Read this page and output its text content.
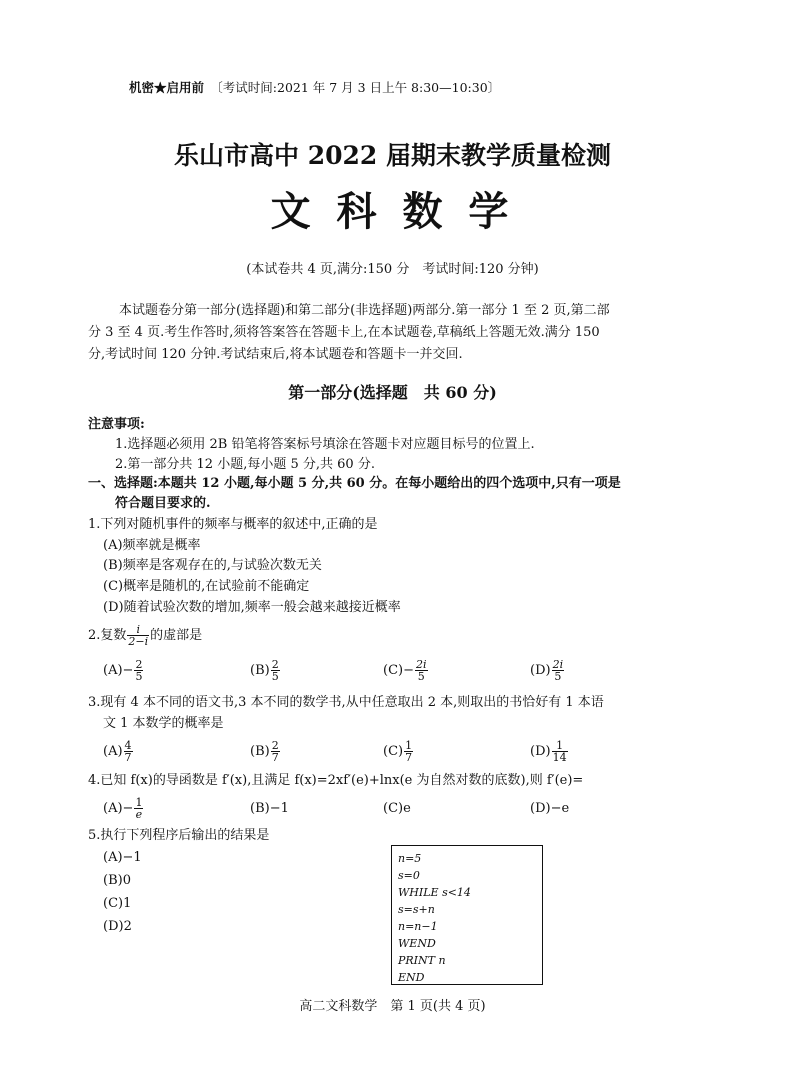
机密★启用前　 〔考试时间:2021 年 7 月 3 日上午 8:30—10:30〕
乐山市高中 2022 届期末教学质量检测
文 科 数 学
(本试卷共 4 页,满分:150 分　考试时间:120 分钟)
本试题卷分第一部分(选择题)和第二部分(非选择题)两部分.第一部分 1 至 2 页,第二部
分 3 至 4 页.考生作答时,须将答案答在答题卡上,在本试题卷,草稿纸上答题无效.满分 150
分,考试时间 120 分钟.考试结束后,将本试题卷和答题卡一并交回.
第一部分(选择题　共 60 分)
注意事项:
1.选择题必须用 2B 铅笔将答案标号填涂在答题卡对应题目标号的位置上.
2.第一部分共 12 小题,每小题 5 分,共 60 分.
一、选择题:本题共 12 小题,每小题 5 分,共 60 分。在每小题给出的四个选项中,只有一项是
符合题目要求的.
1.下列对随机事件的频率与概率的叙述中,正确的是
(A)频率就是概率
(B)频率是客观存在的,与试验次数无关
(C)概率是随机的,在试验前不能确定
(D)随着试验次数的增加,频率一般会越来越接近概率
2.复数 $\frac{i}{2-i}$ 的虚部是
$(A)- \frac{2}{5}$	$(B) \frac{2}{5}$	$(C)- \frac{2i}{5}$	$(D) \frac{2i}{5}$
3.现有 4 本不同的语文书,3 本不同的数学书,从中任意取出 2 本,则取出的书恰好有 1 本语
文 1 本数学的概率是
$(A) \frac{4}{7}$	$(B) \frac{2}{7}$	$(C) \frac{1}{7}$	$(D) \frac{1}{14}$
4.已知 f(x)的导函数是 f′(x),且满足 f(x)=2xf′(e)+lnx(e 为自然对数的底数),则 f′(e)=
$(A)- \frac{1}{e}$	(B)−1	(C)e	(D)−e
5.执行下列程序后输出的结果是
(A)−1
(B)0
(C)1
(D)2
n=5
s=0
WHILE s<14
s=s+n
n=n−1
WEND
PRINT n
END
高二文科数学　第 1 页(共 4 页)
